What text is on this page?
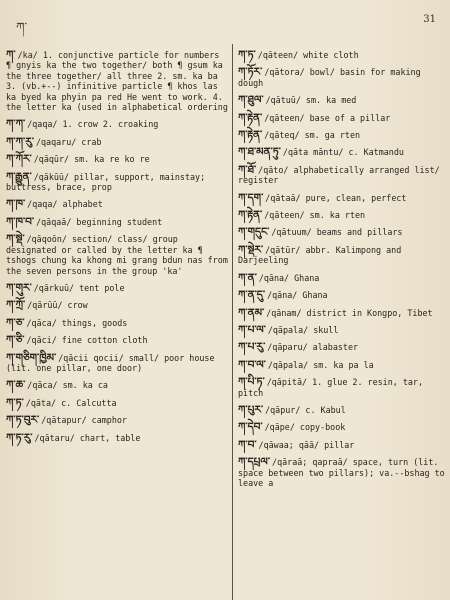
ཀ་
31
ཀ་ /ka/ 1. conjunctive particle for numbers ¶ gnyis ka the two together/ both ¶ gsum ka the three together/ all three 2. sm. ka ba 3. (vb.+--) infinitive particle ¶ khos las ka byed ka phyin pa red He went to work. 4. the letter ka (used in alphabetical ordering
ཀ་ཀ་ /qaqa/ 1. crow 2. croaking
ཀ་ཀ་རུ་ /qaqaru/ crab
ཀ་ཀོར་ /qāqūr/ sm. ka re ko re
ཀ་རྒྱུན་ /qākūū/ pillar, support, mainstay; buttress, brace, prop
ཀ་ཁ་ /qaqa/ alphabet
ཀ་ཁ་བ་ /qāqaā/ beginning student
ཀ་སྡེ་ /qāqoōn/ section/ class/ group designated or called by the letter ka ¶ tshogs chung ka khong mi grang bdun nas from the seven persons in the group 'ka'
ཀ་གུར་ /qārkuū/ tent pole
ཀ་ཀྲོ་ /qārūū/ crow
ཀ་ཅ་ /qāca/ things, goods
ཀ་ཅི་ /qāci/ fine cotton cloth
ཀ་གཅིག་ཁྱིམ་ /qācii qocii/ small/ poor house (lit. one pillar, one door)
ཀ་ཆ་ /qāca/ sm. ka ca
ཀ་ཏ་ /qāta/ c. Calcutta
ཀ་ཏ་བུར་ /qātapur/ camphor
ཀ་ཏ་རུ་ /qātaru/ chart, table
ཀ་ཏ་ /qāteen/ white cloth
ཀ་ཏོར་ /qātora/ bowl/ basin for making dough
ཀ་ཐུལ་ /qātuū/ sm. ka med
ཀ་རྟེན་ /qāteen/ base of a pillar
ཀ་རྟེན་ /qāteq/ sm. ga rten
ཀ་ཐ་མན་ཏུ་ /qāta māntu/ c. Katmandu
ཀ་ཐོ་ /qāto/ alphabetically arranged list/ register
ཀ་དག་ /qātaā/ pure, clean, perfect
ཀ་རྟེན་ /qāteen/ sm. ka rten
ཀ་གདུང་ /qātuum/ beams and pillars
ཀ་སྡེར་ /qātūr/ abbr. Kalimpong and Darjeeling
ཀ་ན་ /qāna/ Ghana
ཀ་ན་དུ་ /qāna/ Ghana
ཀ་ནམ་ /qānam/ district in Kongpo, Tibet
ཀ་པ་ལ་ /qāpala/ skull
ཀ་པ་རུ་ /qāparu/ alabaster
ཀ་བ་ལ་ /qāpala/ sm. ka pa la
ཀ་པི་ཏ་ /qāpitā/ 1. glue 2. resin, tar, pitch
ཀ་པུར་ /qāpur/ c. Kabul
ཀ་དེབ་ /qāpe/ copy-book
ཀ་བ་ /qāwaa; qāā/ pillar
ཀ་དཔྲལ་ /qāraā; qapraā/ space, turn (lit. space between two pillars); va.--bshag to leave a
